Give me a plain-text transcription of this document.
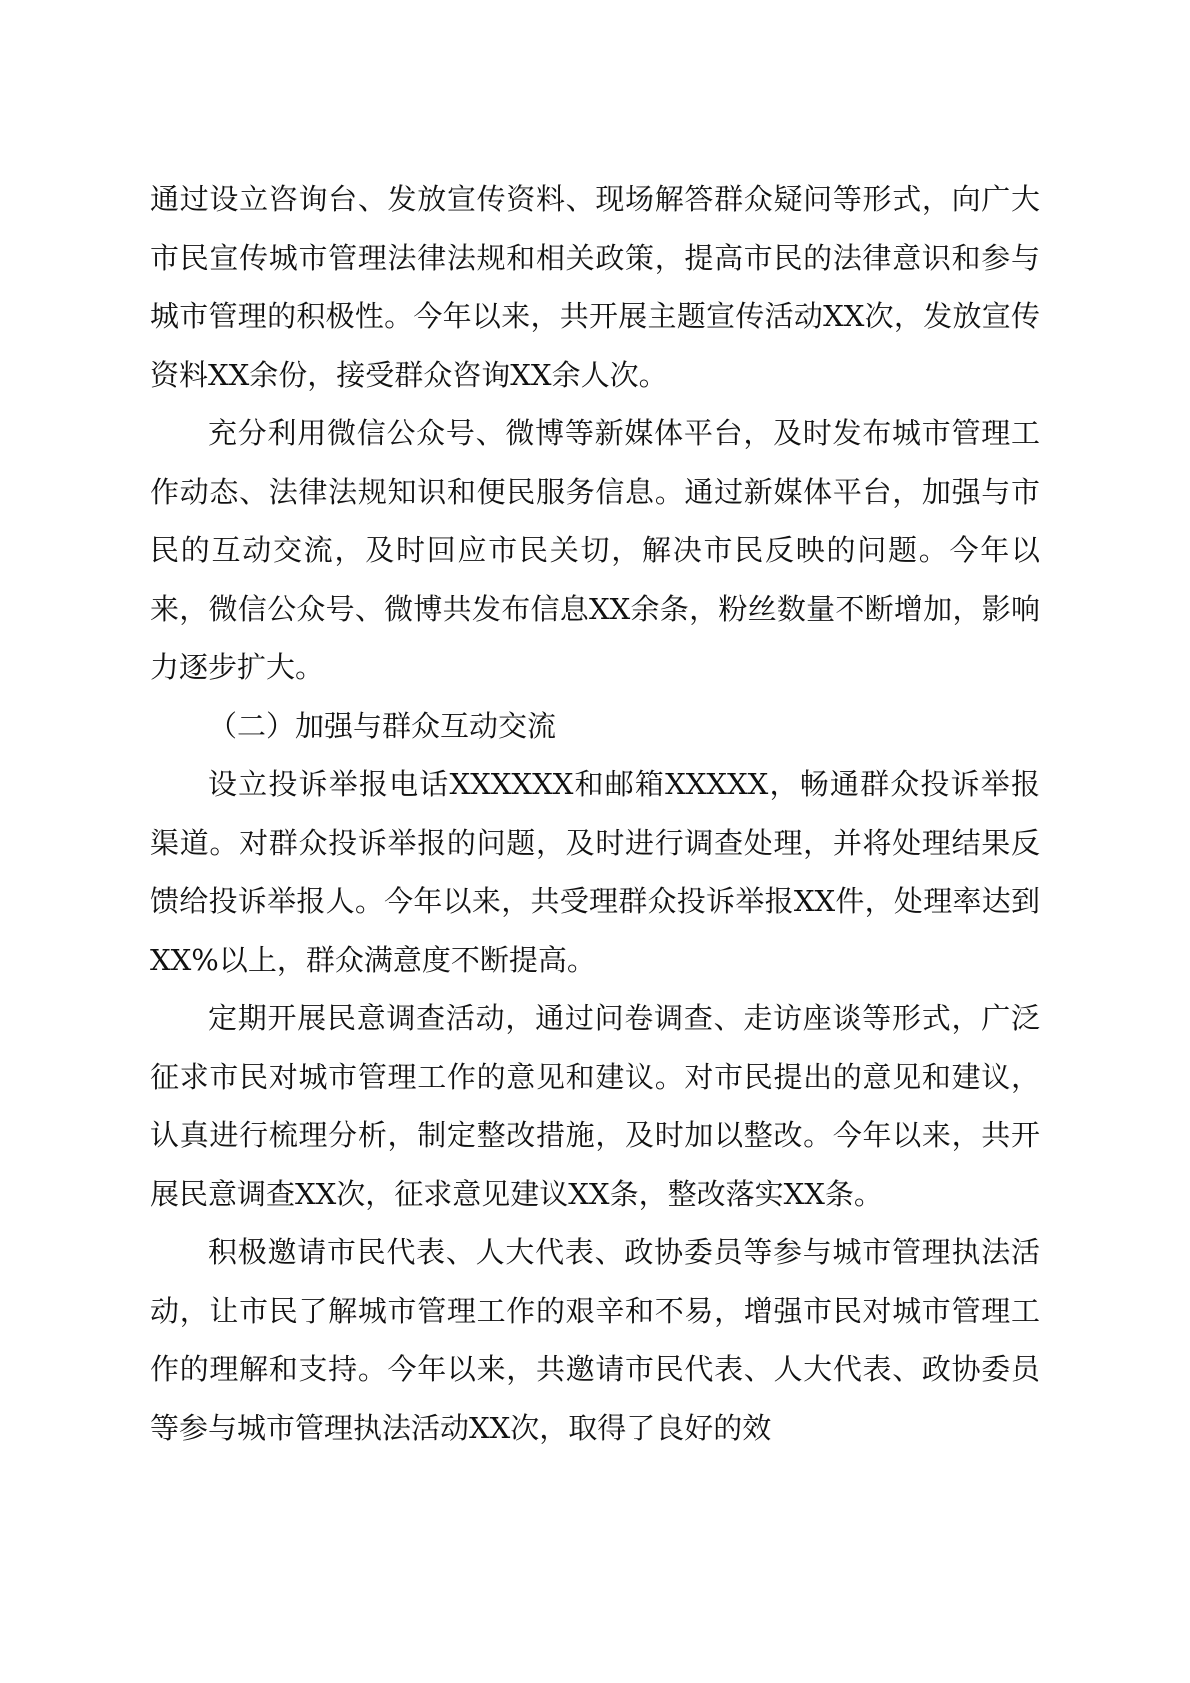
通过设立咨询台、发放宣传资料、现场解答群众疑问等形式，向广大市民宣传城市管理法律法规和相关政策，提高市民的法律意识和参与城市管理的积极性。今年以来，共开展主题宣传活动XX次，发放宣传资料XX余份，接受群众咨询XX余人次。

充分利用微信公众号、微博等新媒体平台，及时发布城市管理工作动态、法律法规知识和便民服务信息。通过新媒体平台，加强与市民的互动交流，及时回应市民关切，解决市民反映的问题。今年以来，微信公众号、微博共发布信息XX余条，粉丝数量不断增加，影响力逐步扩大。

（二）加强与群众互动交流

设立投诉举报电话XXXXXX和邮箱XXXXX，畅通群众投诉举报渠道。对群众投诉举报的问题，及时进行调查处理，并将处理结果反馈给投诉举报人。今年以来，共受理群众投诉举报XX件，处理率达到XX%以上，群众满意度不断提高。

定期开展民意调查活动，通过问卷调查、走访座谈等形式，广泛征求市民对城市管理工作的意见和建议。对市民提出的意见和建议，认真进行梳理分析，制定整改措施，及时加以整改。今年以来，共开展民意调查XX次，征求意见建议XX条，整改落实XX条。

积极邀请市民代表、人大代表、政协委员等参与城市管理执法活动，让市民了解城市管理工作的艰辛和不易，增强市民对城市管理工作的理解和支持。今年以来，共邀请市民代表、人大代表、政协委员等参与城市管理执法活动XX次，取得了良好的效
